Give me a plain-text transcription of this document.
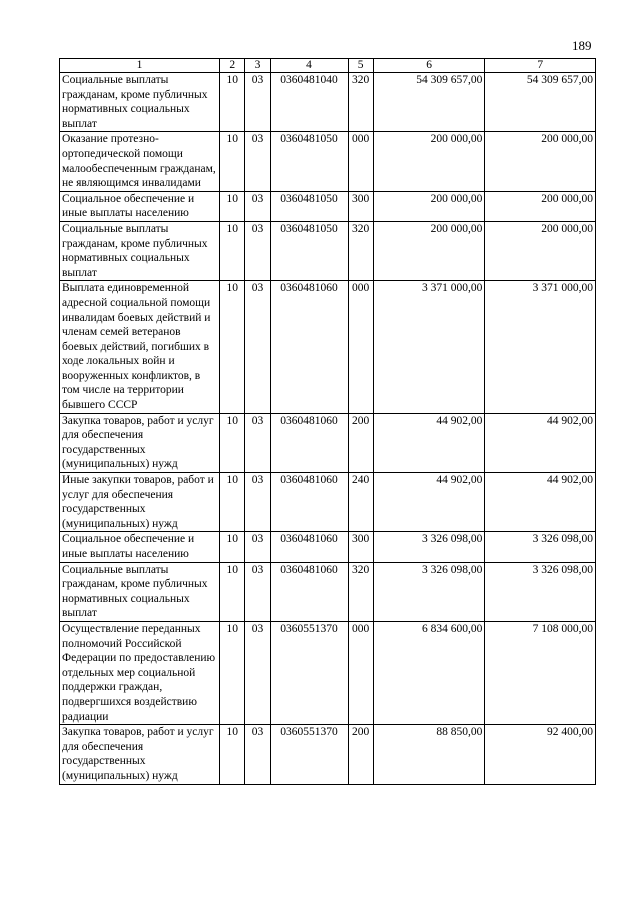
189
1	2	3	4	5	6	7
Социальные выплаты гражданам, кроме публичных нормативных социальных выплат	10	03	0360481040	320	54 309 657,00	54 309 657,00
Оказание протезно-ортопедической помощи малообеспеченным гражданам, не являющимся инвалидами	10	03	0360481050	000	200 000,00	200 000,00
Социальное обеспечение и иные выплаты населению	10	03	0360481050	300	200 000,00	200 000,00
Социальные выплаты гражданам, кроме публичных нормативных социальных выплат	10	03	0360481050	320	200 000,00	200 000,00
Выплата единовременной адресной социальной помощи инвалидам боевых действий и членам семей ветеранов боевых действий, погибших в ходе локальных войн и вооруженных конфликтов, в том числе на территории бывшего СССР	10	03	0360481060	000	3 371 000,00	3 371 000,00
Закупка товаров, работ и услуг для обеспечения государственных (муниципальных) нужд	10	03	0360481060	200	44 902,00	44 902,00
Иные закупки товаров, работ и услуг для обеспечения государственных (муниципальных) нужд	10	03	0360481060	240	44 902,00	44 902,00
Социальное обеспечение и иные выплаты населению	10	03	0360481060	300	3 326 098,00	3 326 098,00
Социальные выплаты гражданам, кроме публичных нормативных социальных выплат	10	03	0360481060	320	3 326 098,00	3 326 098,00
Осуществление переданных полномочий Российской Федерации по предоставлению отдельных мер социальной поддержки граждан, подвергшихся воздействию радиации	10	03	0360551370	000	6 834 600,00	7 108 000,00
Закупка товаров, работ и услуг для обеспечения государственных (муниципальных) нужд	10	03	0360551370	200	88 850,00	92 400,00
